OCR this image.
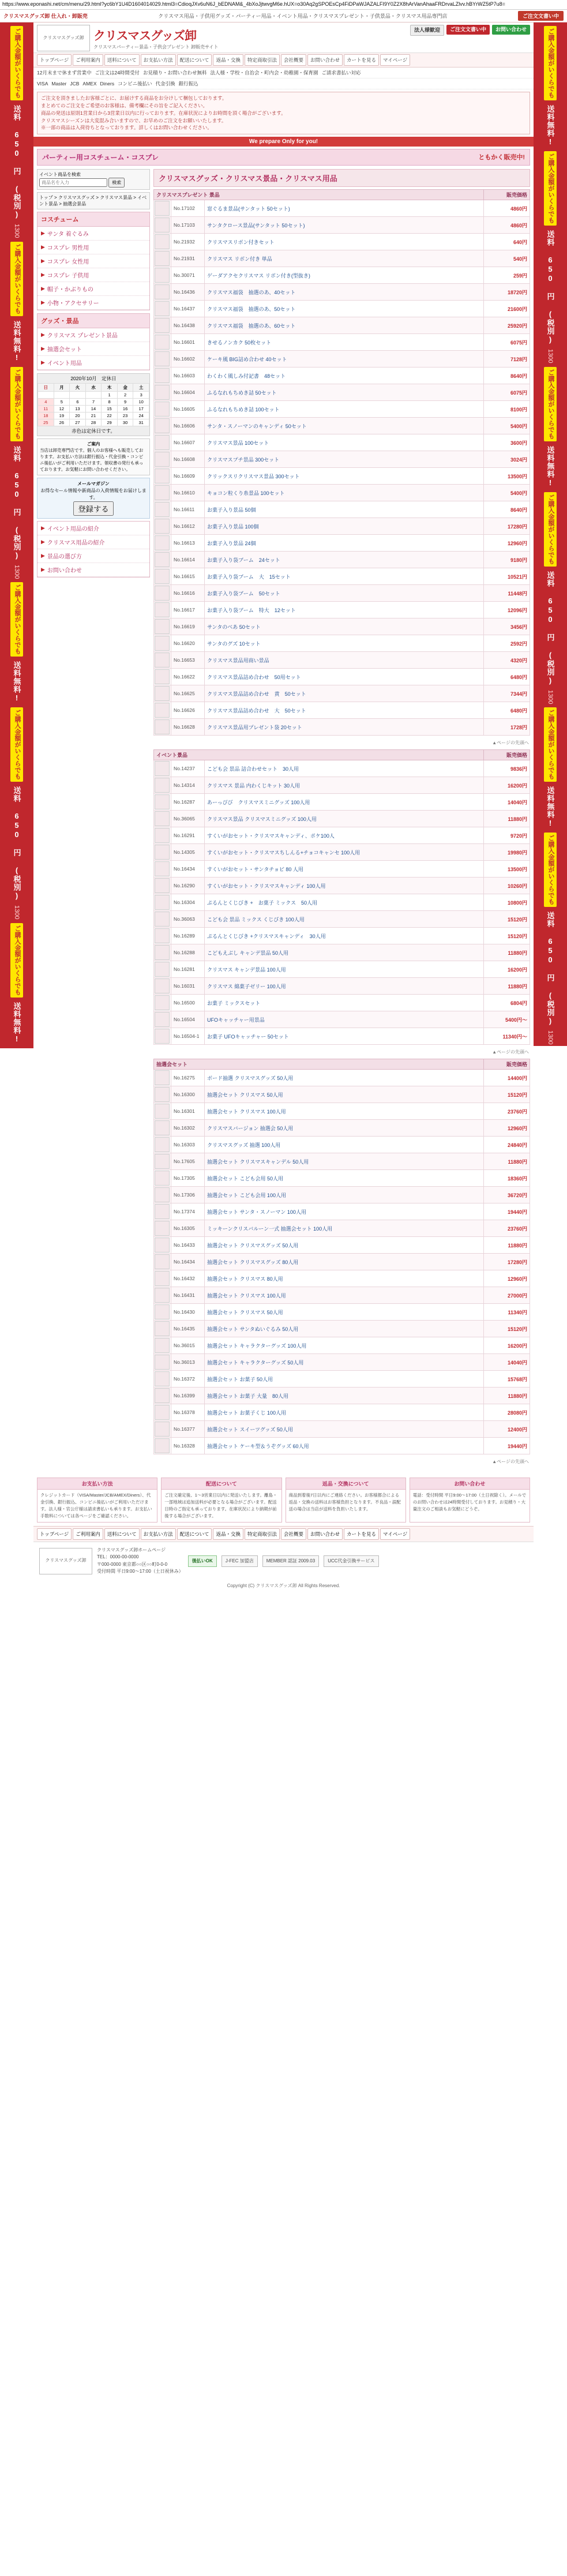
https://www.eponashi.net/cm/menu/29.html?yc6bY1U4D1604014029.html3=CdioqJXv6uN6J_bEDNAM&_4bXoJjtwvgM6e.hUX=o30Aq2gSPOEsCp4FiDPaWJAZALFI9Y0Z2X8hArVanAhaaFRDrvaLZlvv.hBYrWZ5tP7u8=
クリスマスグッズ卸 仕入れ・卸販売	クリスマス用品・子供用グッズ・パーティー用品・イベント用品・クリスマスプレゼント・子供景品・クリスマス用品専門店	ご注文文書い中
ご購入金額がいくらでも
送料 650 円 (税別)
1300
ご購入金額がいくらでも
送料無料!
ご購入金額がいくらでも
送料 650 円 (税別)
1300
ご購入金額がいくらでも
送料無料!
ご購入金額がいくらでも
送料 650 円 (税別)
1300
ご購入金額がいくらでも
送料無料!
クリスマスグッズ卸 クリスマスグッズ卸
クリスマスパーティー景品・子供会プレゼント 卸販売サイト
法人様歓迎	ご注文文書い中	お問い合わせ
トップページ	ご利用案内	送料について	お支払い方法	配送について	返品・交換	特定商取引法	会社概要	お問い合わせ	カートを見る	マイページ
12月末まで休まず営業中 ご注文は24時間受付 お見積り・お問い合わせ無料 法人様・学校・自治会・町内会・幼稚園・保育園 ご請求書払い対応
VISA Master JCB AMEX Diners コンビニ後払い 代金引換 銀行振込
ご注文を頂きましたお客様ごとに、お届けする商品をお分けして梱包しております。
まとめてのご注文をご希望のお客様は、備考欄にその旨をご記入ください。
商品の発送は原則1営業日から3営業日以内に行っております。在庫状況によりお時間を頂く場合がございます。
クリスマスシーズンは大変混み合いますので、お早めのご注文をお願いいたします。
※一部の商品は入荷待ちとなっております。詳しくはお問い合わせください。
We prepare Only for you!
パーティー用コスチューム・コスプレ	ともかく販売中!
イベント商品を検索
商品名を入力 検索
トップ > クリスマスグッズ > クリスマス景品 > イベント景品 > 抽選会景品
コスチューム
▶ サンタ 着ぐるみ
▶ コスプレ 男性用
▶ コスプレ 女性用
▶ コスプレ 子供用
▶ 帽子・かぶりもの
▶ 小物・アクセサリー
グッズ・景品
▶ クリスマス プレゼント景品
▶ 抽選会セット
▶ イベント用品
2020年10月　定休日
日	月	火	水	木	金	土
				1	2	3
4	5	6	7	8	9	10
11	12	13	14	15	16	17
18	19	20	21	22	23	24
25	26	27	28	29	30	31
赤色は定休日です。
ご案内
当店は卸売専門店です。個人のお客様へも販売しております。お支払い方法は銀行振込・代金引換・コンビニ後払いがご利用いただけます。領収書の発行も承っております。お気軽にお問い合わせください。
メールマガジン
お得なセール情報や新商品の入荷情報をお届けします。
登録する
▶ イベント用品の紹介
▶ クリスマス用品の紹介
▶ 景品の選び方
▶ お問い合わせ
クリスマスグッズ・クリスマス景品・クリスマス用品
クリスマスプレゼント 景品			販売価格

	No.17102	窓ぐるま景品(サンタット 50セット)	4860円

	No.17103	サンタクロース景品(サンタット 50セット)	4860円

	No.21932	クリスマスリボン付きセット	640円

	No.21931	クリスマス リボン付き 単品	540円

	No.30071	ゲーダアクセクリスマス リボン付き(型抜き)	259円

	No.16436	クリスマス福袋　抽選のあ、40セット	18720円

	No.16437	クリスマス福袋　抽選のあ、50セット	21600円

	No.16438	クリスマス福袋　抽選のあ、60セット	25920円

	No.16601	きせるノンカク 50枚セット	6075円

	No.16602	ケーキ風 BIG詰め合わせ 40セット	7128円

	No.16603	わくわく風しみ付記書　48セット	8640円

	No.16604	ふるなれもちめき詰 50セット	6075円

	No.16605	ふるなれもちめき詰 100セット	8100円

	No.16606	サンタ・スノーマンのキャンディ 50セット	5400円

	No.16607	クリスマス景品 100セット	3600円

	No.16608	クリスマスプチ景品 300セット	3024円

	No.16609	クリックスリクリスマス景品 300セット	13500円

	No.16610	キョコン粒くり糸景品 100セット	5400円

	No.16611	お菓子入り景品 50個	8640円

	No.16612	お菓子入り景品 100個	17280円

	No.16613	お菓子入り景品 24個	12960円

	No.16614	お菓子入り袋ブーム　24セット	9180円

	No.16615	お菓子入り袋ブーム　大　15セット	10521円

	No.16616	お菓子入り袋ブーム　50セット	11448円

	No.16617	お菓子入り袋ブーム　特大　12セット	12096円

	No.16619	サンタのべあ 50セット	3456円

	No.16620	サンタのグズ 10セット	2592円

	No.16653	クリスマス景品用商い景品	4320円

	No.16622	クリスマス景品詰め合わせ　50用セット	6480円

	No.16625	クリスマス景品詰め合わせ　黄　50セット	7344円

	No.16626	クリスマス景品詰め合わせ　大　50セット	6480円

	No.16628	クリスマス景品用プレゼント袋 20セット	1728円
▲ページの先頭へ
イベント景品			販売価格

	No.14237	こども会 景品 詰合わせセット　30人用	9836円

	No.14314	クリスマス 景品 内わくじキット 30人用	16200円

	No.16287	あーっぴび　クリスマスミニグッズ 100人用	14040円

	No.36065	クリスマス景品 クリスマスミニグッズ 100人用	11880円

	No.16291	すくいがおセット・クリスマスキャンディ、ポケ100人	9720円

	No.14305	すくいがおセット・クリスマスちしんる+チョコキャンセ 100人用	19980円

	No.16434	すくいがおセット・サンタチョビ 80 人用	13500円

	No.16290	すくいがおセット・クリスマスキャンディ 100人用	10260円

	No.16304	ぷるんとくじびき +　お菓子 ミックス　50人用	10800円

	No.36063	こども会 景品 ミックス くじびき 100人用	15120円

	No.16289	ぷるんとくじびき +クリスマスキャンディ　30人用	15120円

	No.16288	こどもえぶし キャンデ景品 50人用	11880円

	No.16281	クリスマス キャンデ景品 100人用	16200円

	No.16031	クリスマス 綿菓子ゼリー 100人用	11880円

	No.16500	お菓子 ミックスセット	6804円

	No.16504	UFOキャッチャー用景品	5400円～

	No.16504-1	お菓子 UFOキャッチャー 50セット	11340円～
▲ページの先頭へ
抽選会セット			販売価格

	No.16275	ボード抽選 クリスマスグッズ 50人用	14400円

	No.16300	抽選会セット クリスマス 50人用	15120円

	No.16301	抽選会セット クリスマス 100人用	23760円

	No.16302	クリスマスバージョン 抽選会 50人用	12960円

	No.16303	クリスマスグッズ 抽選 100人用	24840円

	No.17605	抽選会セット クリスマスキャンデル 50人用	11880円

	No.17305	抽選会セット こども会用 50人用	18360円

	No.17306	抽選会セット こども会用 100人用	36720円

	No.17374	抽選会セット サンタ・スノーマン 100人用	19440円

	No.16305	ミッキーンクリスバルーン一式 抽選会セット 100人用	23760円

	No.16433	抽選会セット クリスマスグッズ 50人用	11880円

	No.16434	抽選会セット クリスマスグッズ 80人用	17280円

	No.16432	抽選会セット クリスマス 80人用	12960円

	No.16431	抽選会セット クリスマス 100人用	27000円

	No.16430	抽選会セット クリスマス 50人用	11340円

	No.16435	抽選会セット サンタぬいぐるみ 50人用	15120円

	No.36015	抽選会セット キャラクターグッズ 100人用	16200円

	No.36013	抽選会セット キャラクターグッズ 50人用	14040円

	No.16372	抽選会セット お菓子 50人用	15768円

	No.16399	抽選会セット お菓子 大量　80人用	11880円

	No.16378	抽選会セット お菓子くじ 100人用	28080円

	No.16377	抽選会セット スイーツグッズ 50人用	12400円

	No.16328	抽選会セット ケーキ型＆うぞグッズ 60人用	19440円
▲ページの先頭へ
お支払い方法
クレジットカード（VISA/Master/JCB/AMEX/Diners）、代金引換、銀行振込、コンビニ後払いがご利用いただけます。法人様・官公庁様は請求書払いも承ります。お支払い手数料については各ページをご確認ください。
配送について
ご注文確定後、1〜3営業日以内に発送いたします。離島・一部地域は追加送料が必要となる場合がございます。配送日時のご指定も承っております。在庫状況により納期が前後する場合がございます。
返品・交換について
商品到着後7日以内にご連絡ください。お客様都合による返品・交換の送料はお客様負担となります。不良品・誤配送の場合は当店が送料を負担いたします。
お問い合わせ
電話：受付時間 平日9:00〜17:00（土日祝除く）。メールでのお問い合わせは24時間受付しております。お見積り・大量注文のご相談もお気軽にどうぞ。
トップページ	ご利用案内	送料について	お支払い方法	配送について	返品・交換	特定商取引法	会社概要	お問い合わせ	カートを見る	マイページ
クリスマスグッズ卸
クリスマスグッズ卸ホームページ
TEL：0000-00-0000
〒000-0000 東京都○○区○○町0-0-0
受付時間 平日9:00〜17:00（土日祝休み）
後払いOK	J-FEC 加盟店	MEMBER 認証 2009.03	UCC代金引換サービス
Copyright (C) クリスマスグッズ卸 All Rights Reserved.
ご購入金額がいくらでも
送料無料!
ご購入金額がいくらでも
送料 650 円 (税別)
1300
ご購入金額がいくらでも
送料無料!
ご購入金額がいくらでも
送料 650 円 (税別)
1300
ご購入金額がいくらでも
送料無料!
ご購入金額がいくらでも
送料 650 円 (税別)
1300
